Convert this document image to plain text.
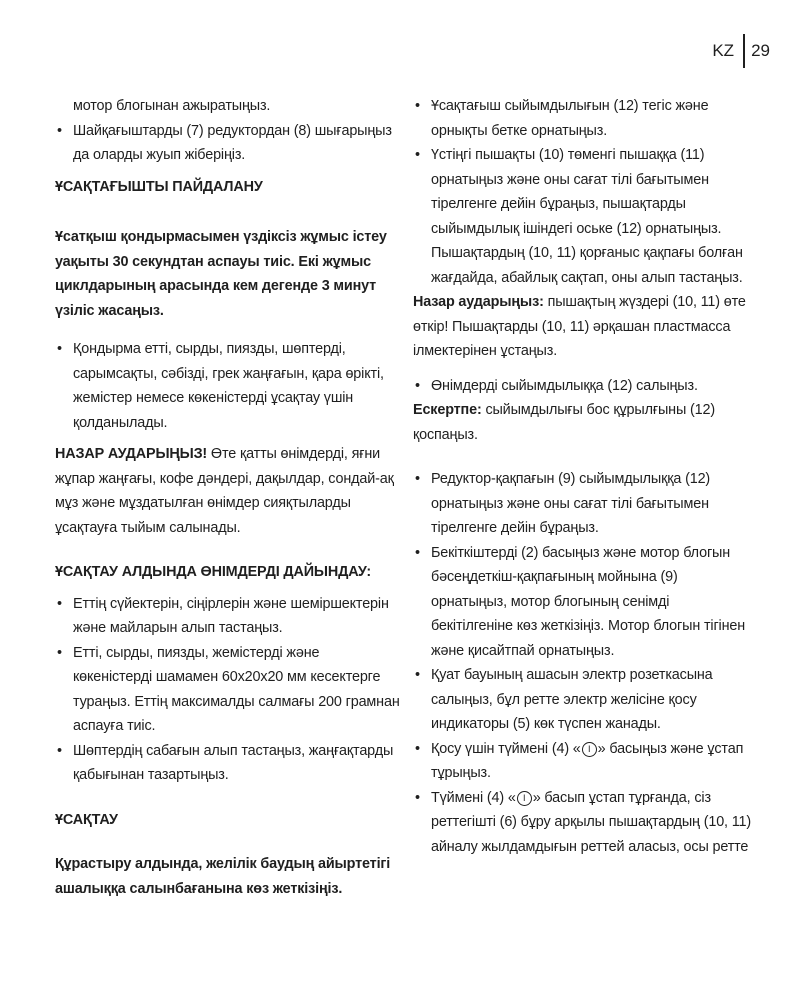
KZ 29

мотор блогынан ажыратыңыз.

• Шайқағыштарды (7) редуктордан (8) шығарыңыз да оларды жуып жіберіңіз.

ҰСАҚТАҒЫШТЫ ПАЙДАЛАНУ

Ұсатқыш қондырмасымен үздіксіз жұмыс істеу уақыты 30 секундтан аспауы тиіс. Екі жұмыс циклдарының арасында кем дегенде 3 минут үзіліс жасаңыз.

• Қондырма етті, сырды, пиязды, шөптерді, сарымсақты, сәбізді, грек жаңғағын, қара өрікті, жемістер немесе көкеністерді ұсақтау үшін қолданылады.

НАЗАР АУДАРЫҢЫЗ! Өте қатты өнімдерді, яғни жұпар жаңғағы, кофе дәндері, дақылдар, сондай-ақ мұз және мұздатылған өнімдер сияқтыларды ұсақтауға тыйым салынады.

ҰСАҚТАУ АЛДЫНДА ӨНІМДЕРДІ ДАЙЫНДАУ:

• Еттің сүйектерін, сіңірлерін және шеміршектерін және майларын алып тастаңыз.

• Етті, сырды, пиязды, жемістерді және көкеністерді шамамен 60х20х20 мм кесектерге тураңыз. Еттің максималды салмағы 200 грамнан аспауға тиіс.

• Шөптердің сабағын алып тастаңыз, жаңғақтарды қабығынан тазартыңыз.

ҰСАҚТАУ

Құрастыру алдында, желілік баудың айыртетігі ашалыққа салынбағанына көз жеткізіңіз.

• Ұсақтағыш сыйымдылығын (12) тегіс және орнықты бетке орнатыңыз.

• Үстіңгі пышақты (10) төменгі пышаққа (11) орнатыңыз және оны сағат тілі бағытымен тірелгенге дейін бұраңыз, пышақтарды сыйымдылық ішіндегі оське (12) орнатыңыз. Пышақтардың (10, 11) қорғаныс қақпағы болған жағдайда, абайлық сақтап, оны алып тастаңыз.

Назар аударыңыз: пышақтың жүздері (10, 11) өте өткір! Пышақтарды (10, 11) әрқашан пластмасса ілмектерінен ұстаңыз.

• Өнімдерді сыйымдылыққа (12) салыңыз.

Ескертпе: сыйымдылығы бос құрылғыны (12) қоспаңыз.

• Редуктор-қақпағын (9) сыйымдылыққа (12) орнатыңыз және оны сағат тілі бағытымен тірелгенге дейін бұраңыз.

• Бекіткіштерді (2) басыңыз және мотор блогын бәсеңдеткіш-қақпағының мойнына (9) орнатыңыз, мотор блогының сенімді бекітілгеніне көз жеткізіңіз. Мотор блогын тігінен және қисайтпай орнатыңыз.

• Қуат бауының ашасын электр розеткасына салыңыз, бұл ретте электр желісіне қосу индикаторы (5) көк түспен жанады.

• Қосу үшін түймені (4) « I » басыңыз және ұстап тұрыңыз.

• Түймені (4) « I » басып ұстап тұрғанда, сіз реттегішті (6) бұру арқылы пышақтардың (10, 11) айналу жылдамдығын реттей аласыз, осы ретте
